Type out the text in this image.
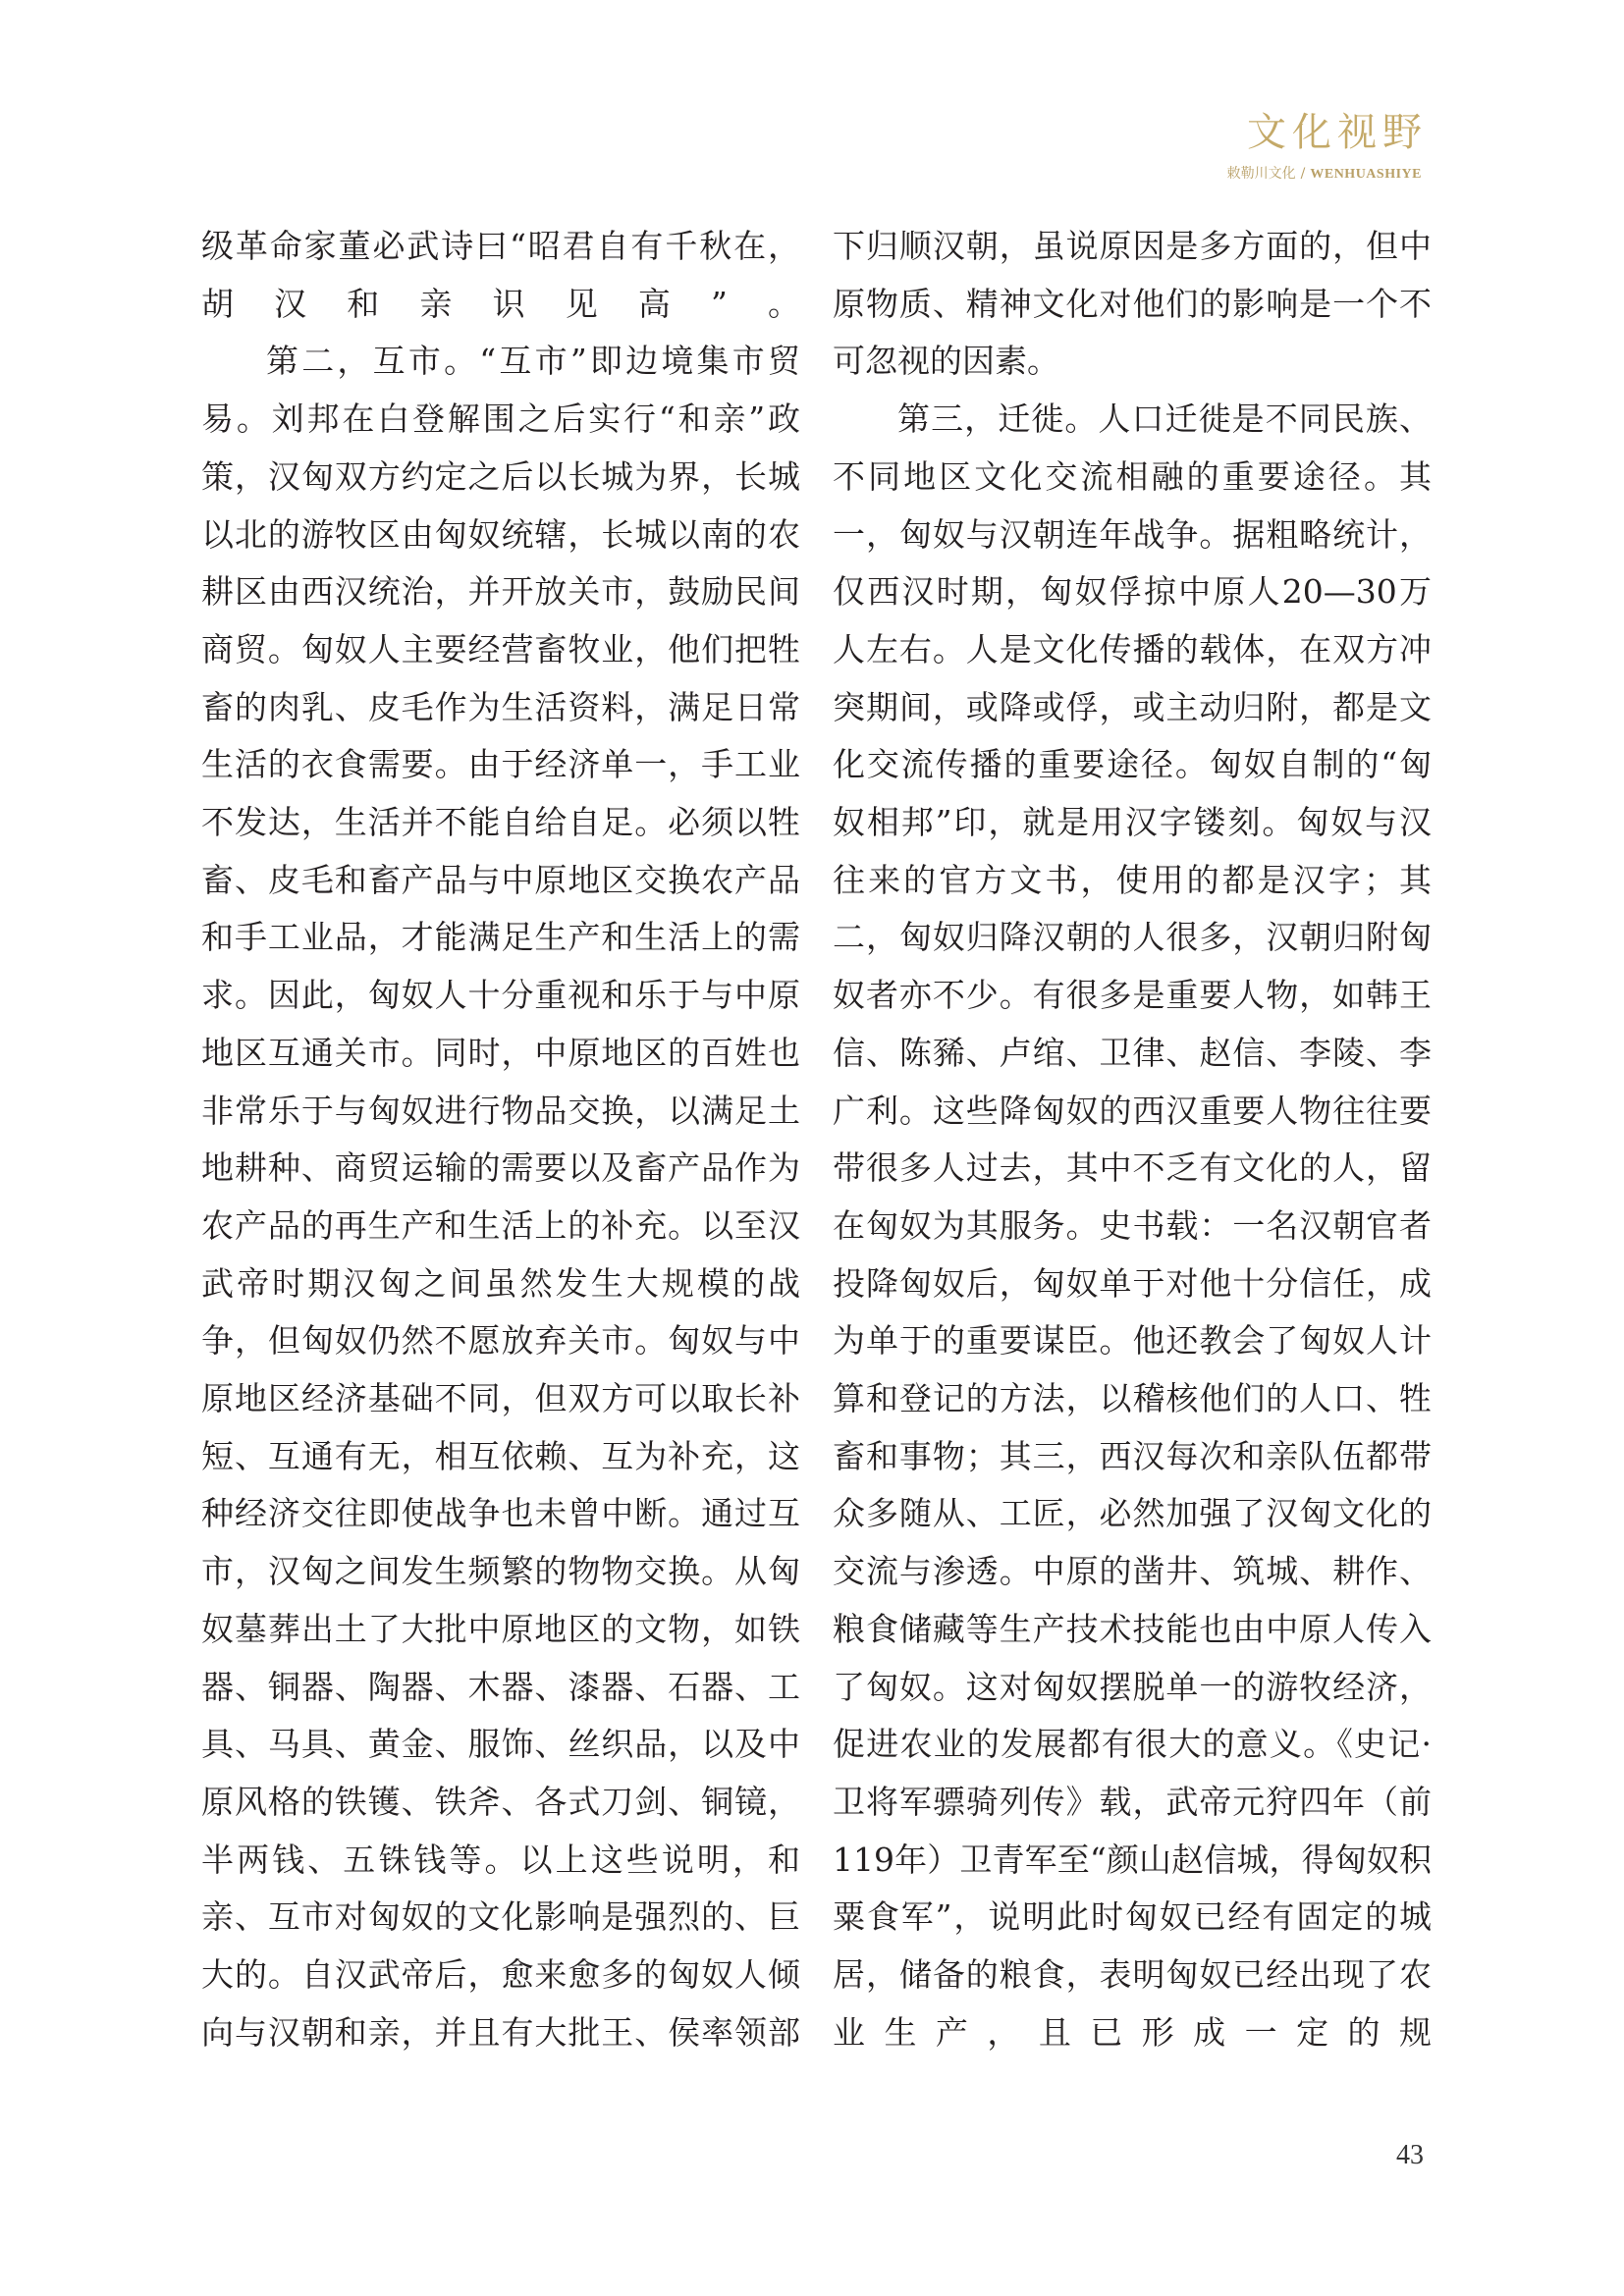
文化视野
敕勒川文化 / WENHUASHIYE

级革命家董必武诗曰“昭君自有千秋在，胡汉和亲识见高”。

第二，互市。“互市”即边境集市贸易。刘邦在白登解围之后实行“和亲”政策，汉匈双方约定之后以长城为界，长城以北的游牧区由匈奴统辖，长城以南的农耕区由西汉统治，并开放关市，鼓励民间商贸。匈奴人主要经营畜牧业，他们把牲畜的肉乳、皮毛作为生活资料，满足日常生活的衣食需要。由于经济单一，手工业不发达，生活并不能自给自足。必须以牲畜、皮毛和畜产品与中原地区交换农产品和手工业品，才能满足生产和生活上的需求。因此，匈奴人十分重视和乐于与中原地区互通关市。同时，中原地区的百姓也非常乐于与匈奴进行物品交换，以满足土地耕种、商贸运输的需要以及畜产品作为农产品的再生产和生活上的补充。以至汉武帝时期汉匈之间虽然发生大规模的战争，但匈奴仍然不愿放弃关市。匈奴与中原地区经济基础不同，但双方可以取长补短、互通有无，相互依赖、互为补充，这种经济交往即使战争也未曾中断。通过互市，汉匈之间发生频繁的物物交换。从匈奴墓葬出土了大批中原地区的文物，如铁器、铜器、陶器、木器、漆器、石器、工具、马具、黄金、服饰、丝织品，以及中原风格的铁镬、铁斧、各式刀剑、铜镜，半两钱、五铢钱等。以上这些说明，和亲、互市对匈奴的文化影响是强烈的、巨大的。自汉武帝后，愈来愈多的匈奴人倾向与汉朝和亲，并且有大批王、侯率领部

下归顺汉朝，虽说原因是多方面的，但中原物质、精神文化对他们的影响是一个不可忽视的因素。

第三，迁徙。人口迁徙是不同民族、不同地区文化交流相融的重要途径。其一，匈奴与汉朝连年战争。据粗略统计，仅西汉时期，匈奴俘掠中原人20—30万人左右。人是文化传播的载体，在双方冲突期间，或降或俘，或主动归附，都是文化交流传播的重要途径。匈奴自制的“匈奴相邦”印，就是用汉字镂刻。匈奴与汉往来的官方文书，使用的都是汉字；其二，匈奴归降汉朝的人很多，汉朝归附匈奴者亦不少。有很多是重要人物，如韩王信、陈豨、卢绾、卫律、赵信、李陵、李广利。这些降匈奴的西汉重要人物往往要带很多人过去，其中不乏有文化的人，留在匈奴为其服务。史书载：一名汉朝官者投降匈奴后，匈奴单于对他十分信任，成为单于的重要谋臣。他还教会了匈奴人计算和登记的方法，以稽核他们的人口、牲畜和事物；其三，西汉每次和亲队伍都带众多随从、工匠，必然加强了汉匈文化的交流与渗透。中原的凿井、筑城、耕作、粮食储藏等生产技术技能也由中原人传入了匈奴。这对匈奴摆脱单一的游牧经济，促进农业的发展都有很大的意义。《史记·卫将军骠骑列传》载，武帝元狩四年（前119年）卫青军至“颜山赵信城，得匈奴积粟食军”，说明此时匈奴已经有固定的城居，储备的粮食，表明匈奴已经出现了农业生产，且已形成一定的规

43
